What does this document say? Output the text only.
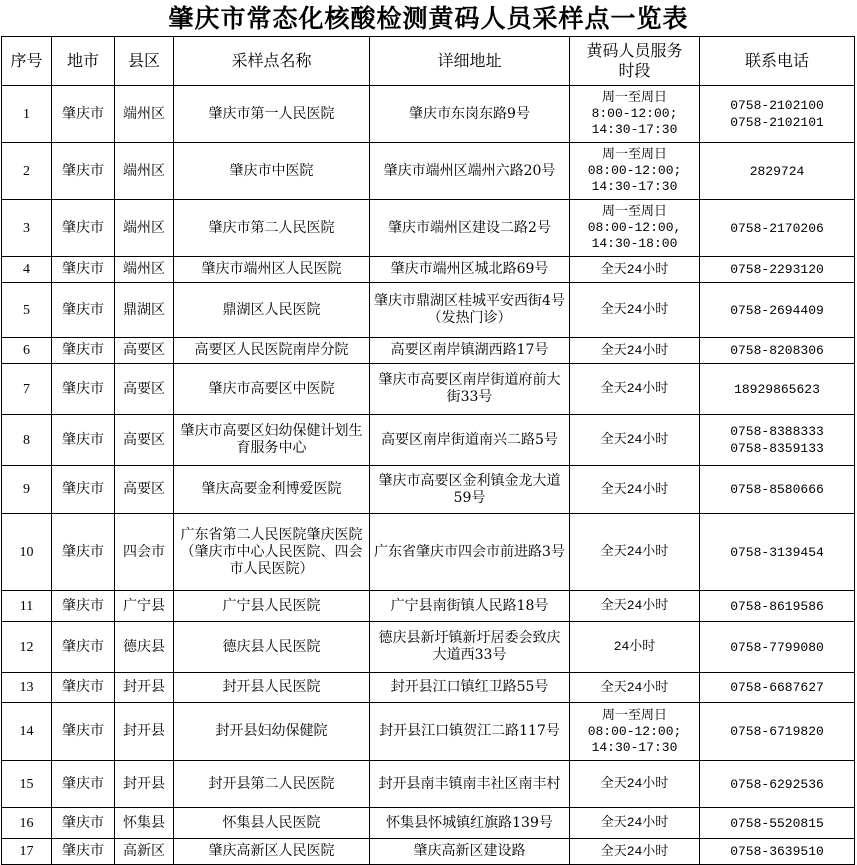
肇庆市常态化核酸检测黄码人员采样点一览表
序号	地市	县区	采样点名称	详细地址	黄码人员服务时段	联系电话
1	肇庆市	端州区	肇庆市第一人民医院	肇庆市东岗东路9号	周一至周日
8:00-12:00;
14:30-17:30	0758-2102100
0758-2102101

2	肇庆市	端州区	肇庆市中医院	肇庆市端州区端州六路20号	周一至周日
08:00-12:00;
14:30-17:30	2829724

3	肇庆市	端州区	肇庆市第二人民医院	肇庆市端州区建设二路2号	周一至周日
08:00-12:00,
14:30-18:00	0758-2170206

4	肇庆市	端州区	肇庆市端州区人民医院	肇庆市端州区城北路69号	全天24小时	0758-2293120

5	肇庆市	鼎湖区	鼎湖区人民医院	肇庆市鼎湖区桂城平安西街4号（发热门诊）	全天24小时	0758-2694409

6	肇庆市	高要区	高要区人民医院南岸分院	高要区南岸镇湖西路17号	全天24小时	0758-8208306

7	肇庆市	高要区	肇庆市高要区中医院	肇庆市高要区南岸街道府前大街33号	全天24小时	18929865623

8	肇庆市	高要区	肇庆市高要区妇幼保健计划生育服务中心	高要区南岸街道南兴二路5号	全天24小时	0758-8388333
0758-8359133

9	肇庆市	高要区	肇庆高要金利博爱医院	肇庆市高要区金利镇金龙大道59号	全天24小时	0758-8580666

10	肇庆市	四会市	广东省第二人民医院肇庆医院（肇庆市中心人民医院、四会市人民医院）	广东省肇庆市四会市前进路3号	全天24小时	0758-3139454

11	肇庆市	广宁县	广宁县人民医院	广宁县南街镇人民路18号	全天24小时	0758-8619586

12	肇庆市	德庆县	德庆县人民医院	德庆县新圩镇新圩居委会致庆大道西33号	24小时	0758-7799080

13	肇庆市	封开县	封开县人民医院	封开县江口镇红卫路55号	全天24小时	0758-6687627

14	肇庆市	封开县	封开县妇幼保健院	封开县江口镇贺江二路117号	周一至周日
08:00-12:00;
14:30-17:30	0758-6719820

15	肇庆市	封开县	封开县第二人民医院	封开县南丰镇南丰社区南丰村	全天24小时	0758-6292536

16	肇庆市	怀集县	怀集县人民医院	怀集县怀城镇红旗路139号	全天24小时	0758-5520815

17	肇庆市	高新区	肇庆高新区人民医院	肇庆高新区建设路	全天24小时	0758-3639510
